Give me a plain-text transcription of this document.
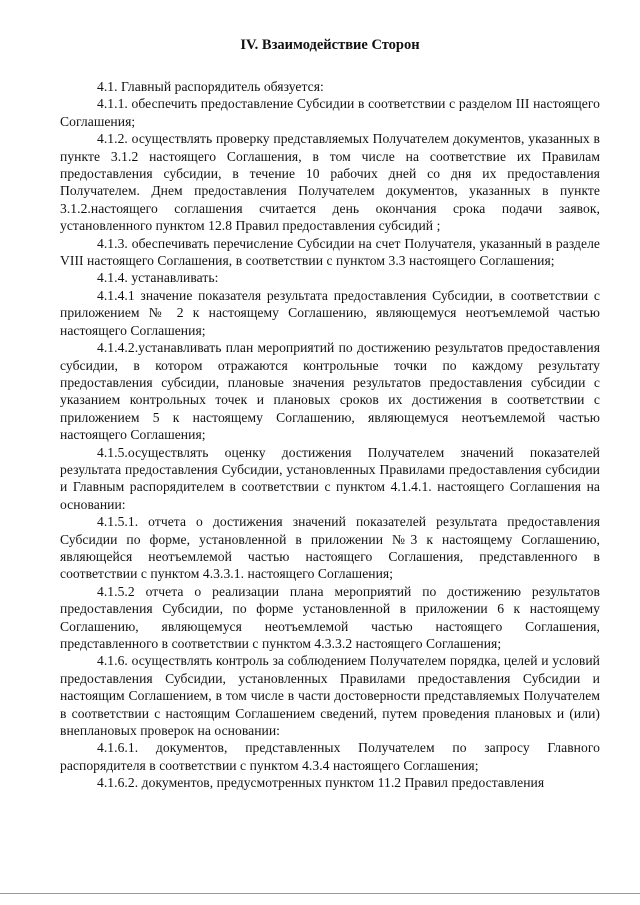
IV. Взаимодействие Сторон

4.1. Главный распорядитель обязуется:

4.1.1. обеспечить предоставление Субсидии в соответствии с разделом III настоящего Соглашения;

4.1.2. осуществлять проверку представляемых Получателем документов, указанных в пункте 3.1.2 настоящего Соглашения, в том числе на соответствие их Правилам предоставления субсидии, в течение 10 рабочих дней со дня их предоставления Получателем. Днем предоставления Получателем документов, указанных в пункте 3.1.2.настоящего соглашения считается день окончания срока подачи заявок, установленного пунктом 12.8 Правил предоставления субсидий ;

4.1.3. обеспечивать перечисление Субсидии на счет Получателя, указанный в разделе VIII настоящего Соглашения, в соответствии с пунктом 3.3 настоящего Соглашения;

4.1.4. устанавливать:

4.1.4.1 значение показателя результата предоставления Субсидии, в соответствии с приложением № 2 к настоящему Соглашению, являющемуся неотъемлемой частью настоящего Соглашения;

4.1.4.2.устанавливать план мероприятий по достижению результатов предоставления субсидии, в котором отражаются контрольные точки по каждому результату предоставления субсидии, плановые значения результатов предоставления субсидии с указанием контрольных точек и плановых сроков их достижения в соответствии с приложением 5 к настоящему Соглашению, являющемуся неотъемлемой частью настоящего Соглашения;

4.1.5.осуществлять оценку достижения Получателем значений показателей результата предоставления Субсидии, установленных Правилами предоставления субсидии и Главным распорядителем в соответствии с пунктом 4.1.4.1. настоящего Соглашения на основании:

4.1.5.1. отчета о достижения значений показателей результата предоставления Субсидии по форме, установленной в приложении №3 к настоящему Соглашению, являющейся неотъемлемой частью настоящего Соглашения, представленного в соответствии с пунктом 4.3.3.1. настоящего Соглашения;

4.1.5.2 отчета о реализации плана мероприятий по достижению результатов предоставления Субсидии, по форме установленной в приложении 6 к настоящему Соглашению, являющемуся неотъемлемой частью настоящего Соглашения, представленного в соответствии с пунктом 4.3.3.2 настоящего Соглашения;

4.1.6. осуществлять контроль за соблюдением Получателем порядка, целей и условий предоставления Субсидии, установленных Правилами предоставления Субсидии и настоящим Соглашением, в том числе в части достоверности представляемых Получателем в соответствии с настоящим Соглашением сведений, путем проведения плановых и (или) внеплановых проверок на основании:

4.1.6.1. документов, представленных Получателем по запросу Главного распорядителя в соответствии с пунктом 4.3.4 настоящего Соглашения;

4.1.6.2. документов, предусмотренных пунктом 11.2 Правил предоставления
